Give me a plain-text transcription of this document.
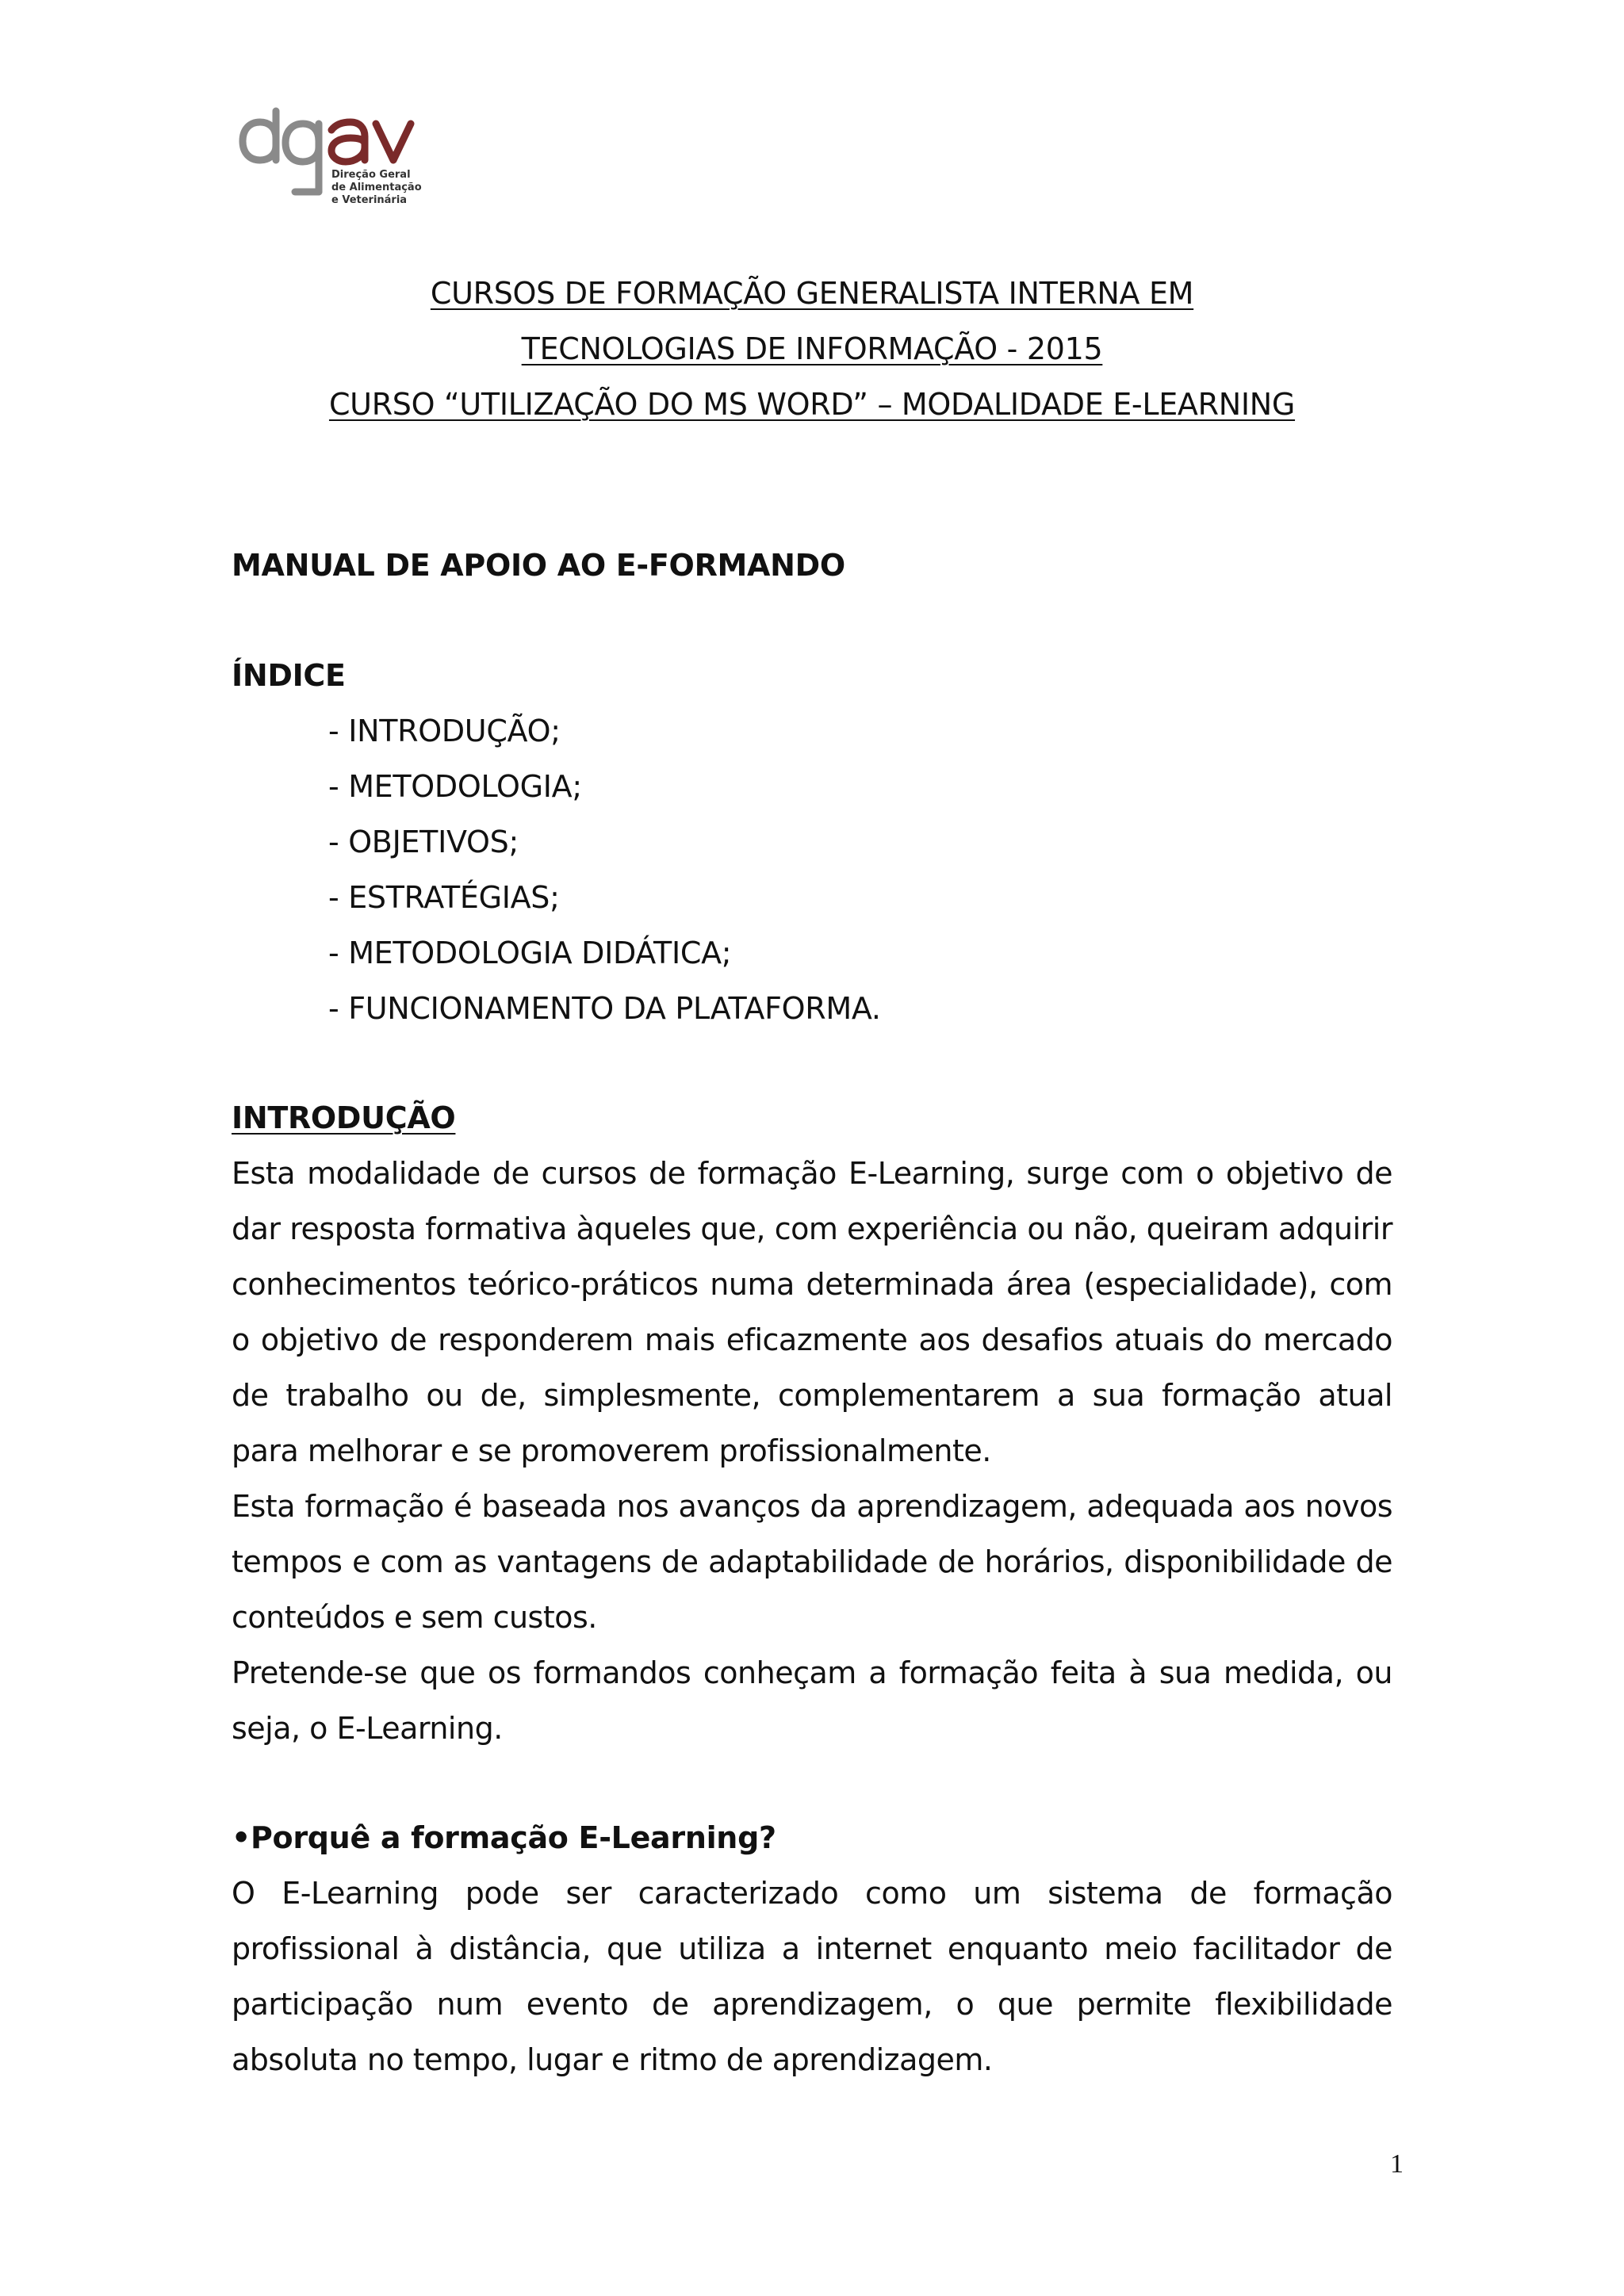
Direção Geral
de Alimentação
e Veterinária
CURSOS DE FORMAÇÃO GENERALISTA INTERNA EM
TECNOLOGIAS DE INFORMAÇÃO - 2015
CURSO “UTILIZAÇÃO DO MS WORD” – MODALIDADE E-LEARNING
MANUAL DE APOIO AO E-FORMANDO
ÍNDICE
- INTRODUÇÃO;
- METODOLOGIA;
- OBJETIVOS;
- ESTRATÉGIAS;
- METODOLOGIA DIDÁTICA;
- FUNCIONAMENTO DA PLATAFORMA.
INTRODUÇÃO

Esta modalidade de cursos de formação E-Learning, surge com o objetivo de dar resposta formativa àqueles que, com experiência ou não, queiram adquirir conhecimentos teórico-práticos numa determinada área (especialidade), com o objetivo de responderem mais eficazmente aos desafios atuais do mercado de trabalho ou de, simplesmente, complementarem a sua formação atual para melhorar e se promoverem profissionalmente.

Esta formação é baseada nos avanços da aprendizagem, adequada aos novos tempos e com as vantagens de adaptabilidade de horários, disponibilidade de conteúdos e sem custos.

Pretende-se que os formandos conheçam a formação feita à sua medida, ou seja, o E-Learning.

•Porquê a formação E-Learning?

O E-Learning pode ser caracterizado como um sistema de formação profissional à distância, que utiliza a internet enquanto meio facilitador de participação num evento de aprendizagem, o que permite flexibilidade absoluta no tempo, lugar e ritmo de aprendizagem.

1
